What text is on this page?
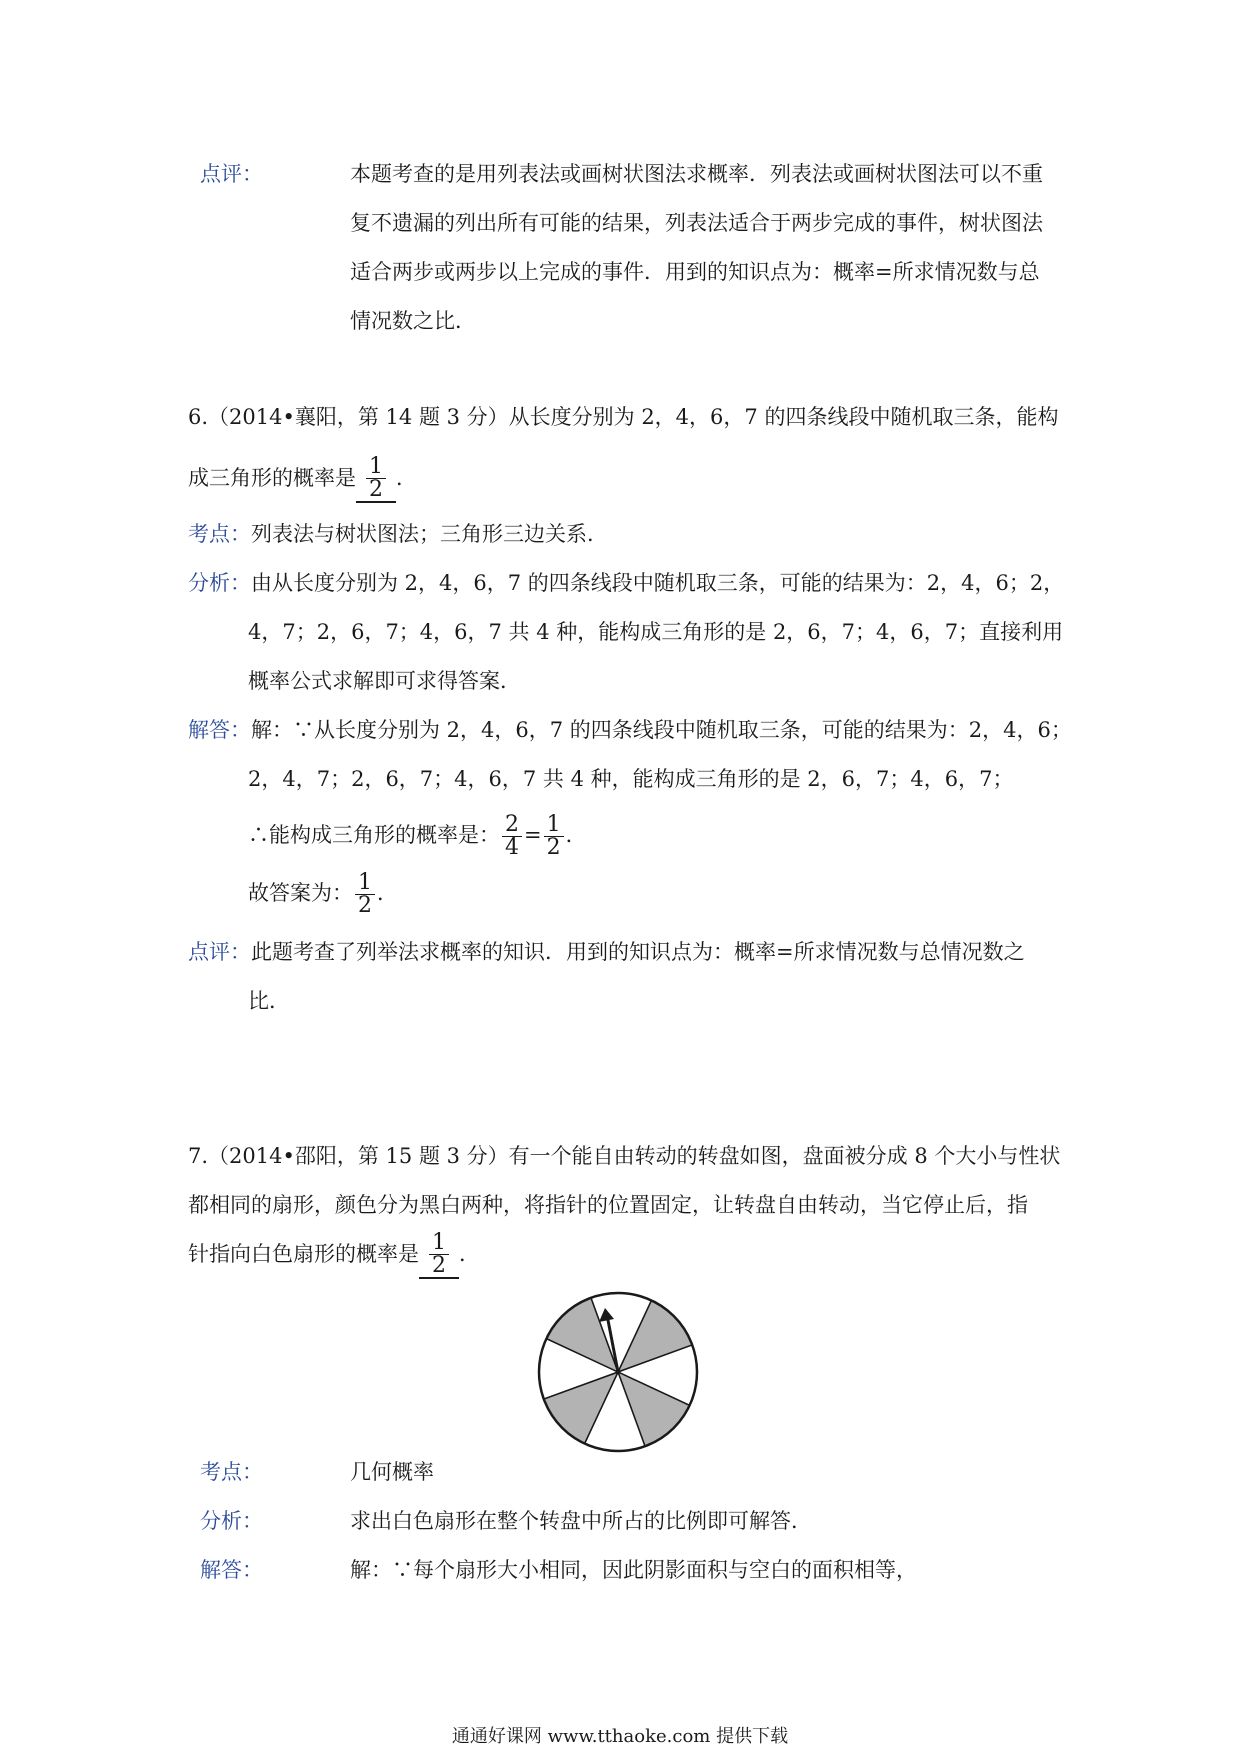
点评：	本题考查的是用列表法或画树状图法求概率．列表法或画树状图法可以不重
复不遗漏的列出所有可能的结果，列表法适合于两步完成的事件，树状图法
适合两步或两步以上完成的事件．用到的知识点为：概率=所求情况数与总
情况数之比．
6.（2014•襄阳，第 14 题 3 分）从长度分别为 2，4，6，7 的四条线段中随机取三条，能构
成三角形的概率是 $\frac{1}{2}$ ．
考点：列表法与树状图法；三角形三边关系．
分析：由从长度分别为 2，4，6，7 的四条线段中随机取三条，可能的结果为：2，4，6；2，
4，7；2，6，7；4，6，7 共 4 种，能构成三角形的是 2，6，7；4，6，7；直接利用
概率公式求解即可求得答案．
解答：解：∵从长度分别为 2，4，6，7 的四条线段中随机取三条，可能的结果为：2，4，6；
2，4，7；2，6，7；4，6，7 共 4 种，能构成三角形的是 2，6，7；4，6，7；
∴能构成三角形的概率是： $\frac{2}{4} = \frac{1}{2}$ ．
故答案为： $\frac{1}{2}$ ．
点评：此题考查了列举法求概率的知识．用到的知识点为：概率=所求情况数与总情况数之
比．
7.（2014•邵阳，第 15 题 3 分）有一个能自由转动的转盘如图，盘面被分成 8 个大小与性状
都相同的扇形，颜色分为黑白两种，将指针的位置固定，让转盘自由转动，当它停止后，指
针指向白色扇形的概率是 $\frac{1}{2}$ ．
考点：	几何概率
分析：	求出白色扇形在整个转盘中所占的比例即可解答．
解答：	解：∵每个扇形大小相同，因此阴影面积与空白的面积相等，
通通好课网 www.tthaoke.com 提供下载
